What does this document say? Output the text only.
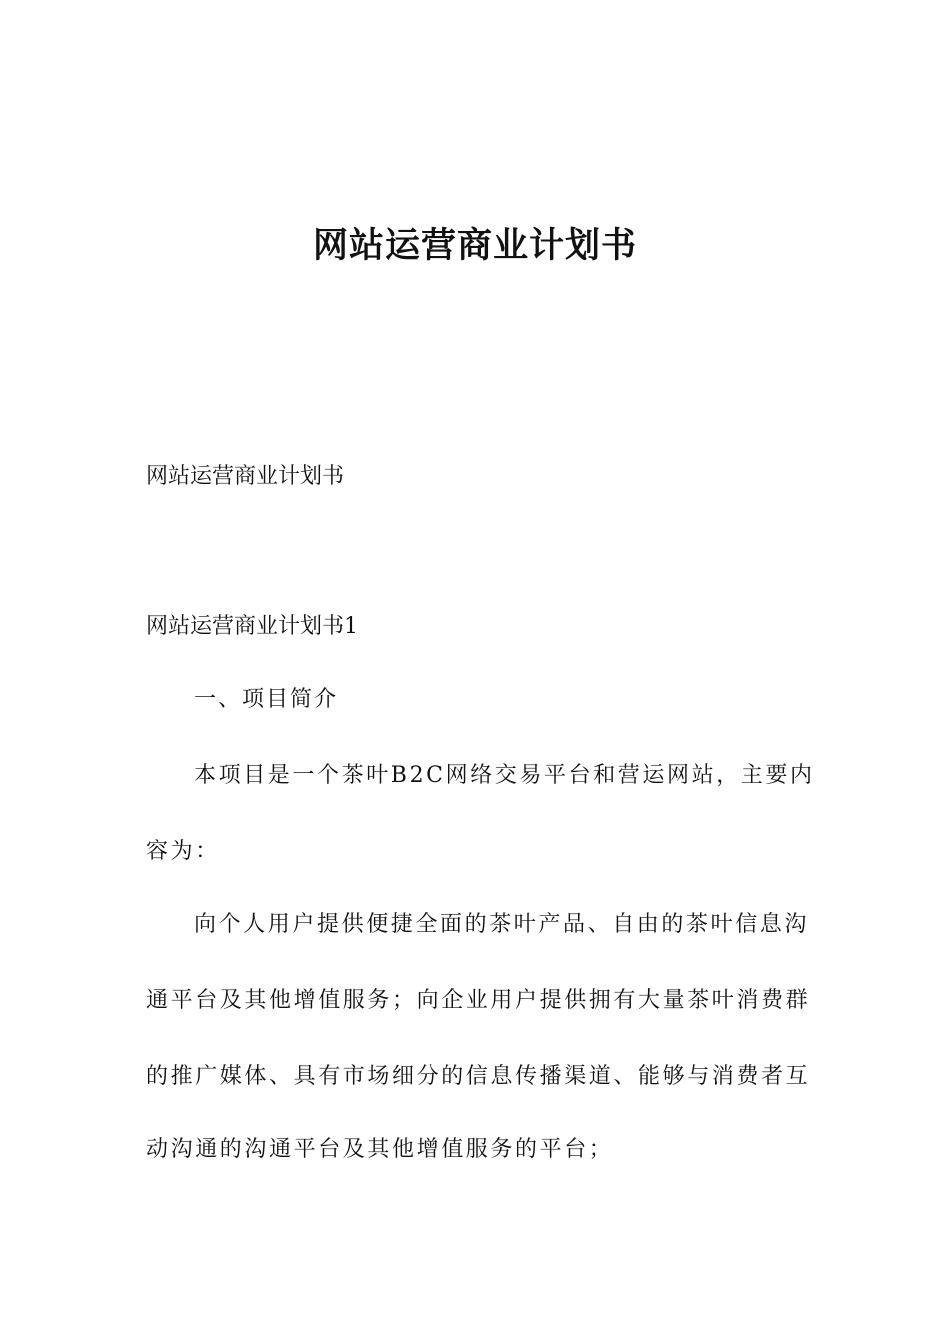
网站运营商业计划书

网站运营商业计划书

网站运营商业计划书1

一、项目简介

本项目是一个茶叶B2C网络交易平台和营运网站，主要内

容为：

向个人用户提供便捷全面的茶叶产品、自由的茶叶信息沟

通平台及其他增值服务；向企业用户提供拥有大量茶叶消费群

的推广媒体、具有市场细分的信息传播渠道、能够与消费者互

动沟通的沟通平台及其他增值服务的平台；
